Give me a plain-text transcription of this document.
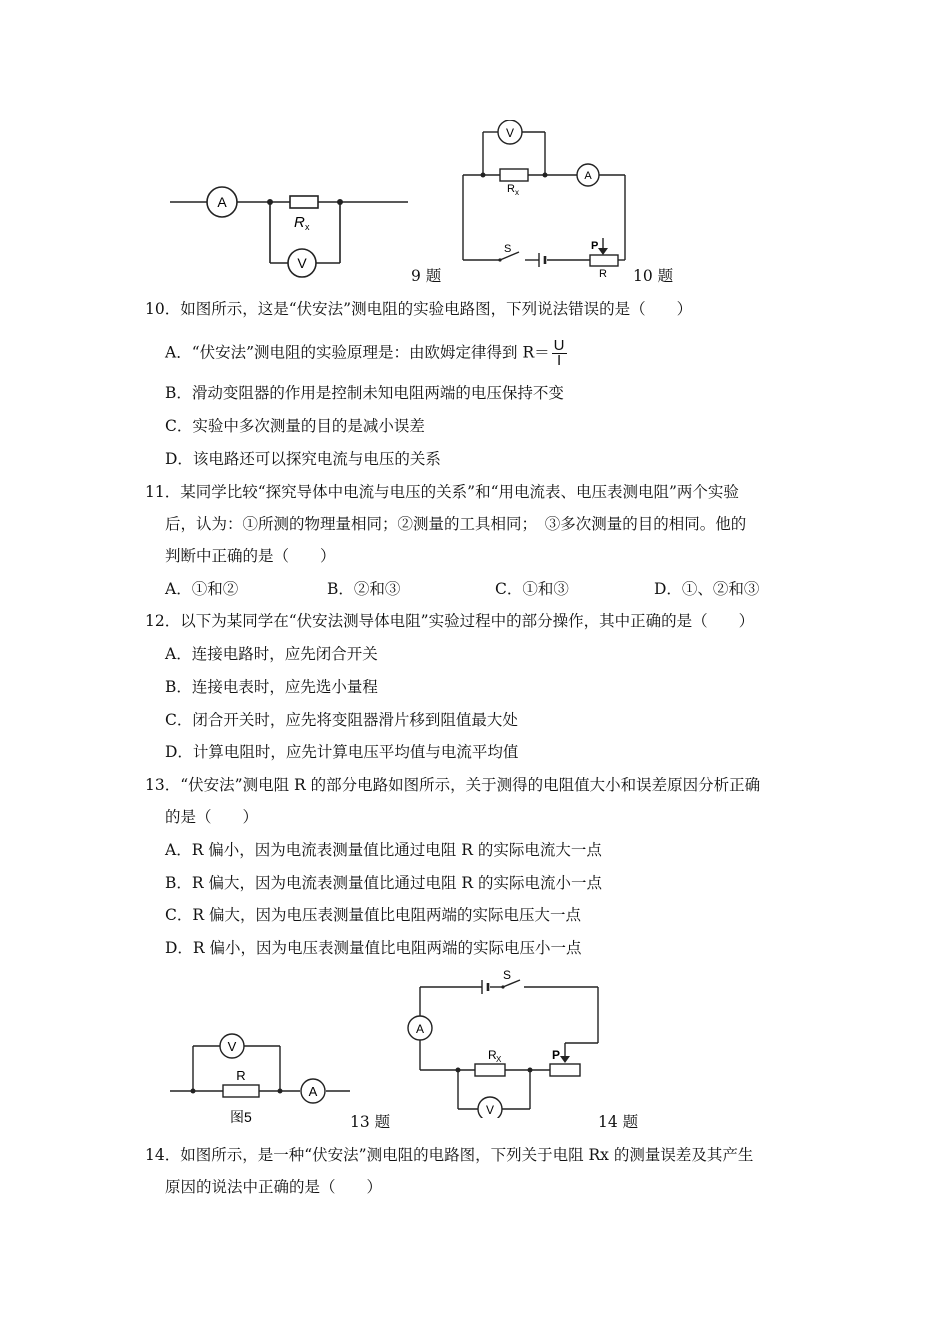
A
V
R x
9 题
V
A
R x
S	P
R 10 题
10．如图所示，这是“伏安法”测电阻的实验电路图，下列说法错误的是（　　）
A．“伏安法”测电阻的实验原理是：由欧姆定律得到 $R= \frac{U}{I}$
B．滑动变阻器的作用是控制未知电阻两端的电压保持不变
C．实验中多次测量的目的是减小误差
D．该电路还可以探究电流与电压的关系
11．某同学比较“探究导体中电流与电压的关系”和“用电流表、电压表测电阻”两个实验
后，认为：①所测的物理量相同；②测量的工具相同；　③多次测量的目的相同。他的
判断中正确的是（　　）
A．①和②	B．②和③	C．①和③	D．①、②和③
12．以下为某同学在“伏安法测导体电阻”实验过程中的部分操作，其中正确的是（　　）
A．连接电路时，应先闭合开关
B．连接电表时，应先选小量程
C．闭合开关时，应先将变阻器滑片移到阻值最大处
D．计算电阻时，应先计算电压平均值与电流平均值
13．“伏安法”测电阻 R 的部分电路如图所示，关于测得的电阻值大小和误差原因分析正确
的是（　　）
A．R 偏小，因为电流表测量值比通过电阻 R 的实际电流大一点
B．R 偏大，因为电流表测量值比通过电阻 R 的实际电流小一点
C．R 偏大，因为电压表测量值比电阻两端的实际电压大一点
D．R 偏小，因为电压表测量值比电阻两端的实际电压小一点
V
R
A
图5	13 题
S
A
R X	P
V
14 题
14．如图所示，是一种“伏安法”测电阻的电路图，下列关于电阻 Rx 的测量误差及其产生
原因的说法中正确的是（　　）
